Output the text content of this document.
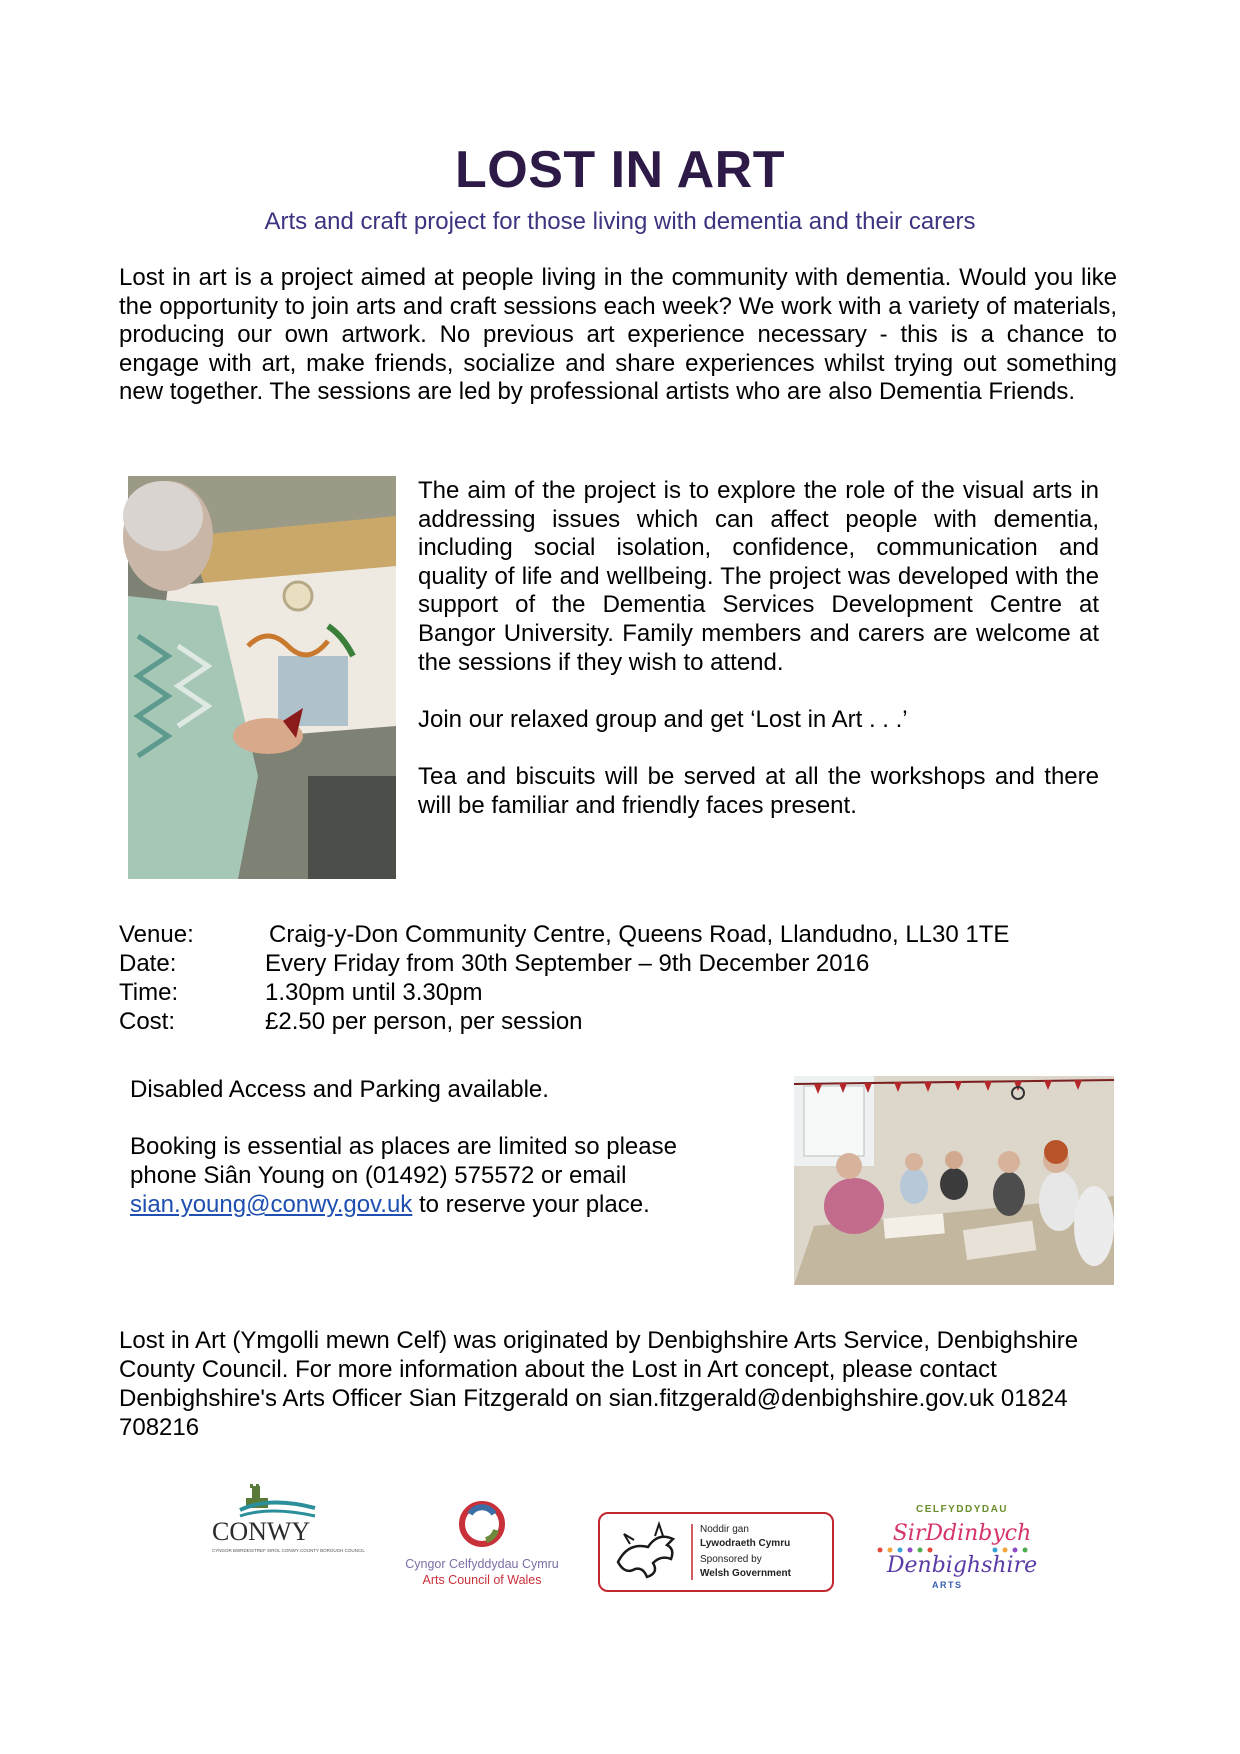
LOST IN ART
Arts and craft project for those living with dementia and their carers

Lost in art is a project aimed at people living in the community with dementia. Would you like the opportunity to join arts and craft sessions each week? We work with a variety of materials, producing our own artwork. No previous art experience necessary - this is a chance to engage with art, make friends, socialize and share experiences whilst trying out something new together. The sessions are led by professional artists who are also Dementia Friends.

The aim of the project is to explore the role of the visual arts in addressing issues which can affect people with dementia, including social isolation, confidence, communication and quality of life and wellbeing. The project was developed with the support of the Dementia Services Development Centre at Bangor University. Family members and carers are welcome at the sessions if they wish to attend.

Join our relaxed group and get ‘Lost in Art . . .’

Tea and biscuits will be served at all the workshops and there will be familiar and friendly faces present.

Venue:	Craig-y-Don Community Centre, Queens Road, Llandudno, LL30 1TE
Date:	Every Friday from 30th September – 9th December 2016
Time:	1.30pm until 3.30pm
Cost:	£2.50 per person, per session

Disabled Access and Parking available.

Booking is essential as places are limited so please phone Siân Young on (01492) 575572 or email sian.young@conwy.gov.uk to reserve your place.

Lost in Art (Ymgolli mewn Celf) was originated by Denbighshire Arts Service, Denbighshire County Council. For more information about the Lost in Art concept, please contact Denbighshire's Arts Officer Sian Fitzgerald on sian.fitzgerald@denbighshire.gov.uk 01824 708216

CONWY
CYNGOR BWRDEISTREF SIROL CONWY COUNTY BOROUGH COUNCIL
Cyngor Celfyddydau Cymru
Arts Council of Wales
Noddir gan
Lywodraeth Cymru
Sponsored by
Welsh Government
CELFYDDYDAU
SirDdinbych
Denbighshire
ARTS
